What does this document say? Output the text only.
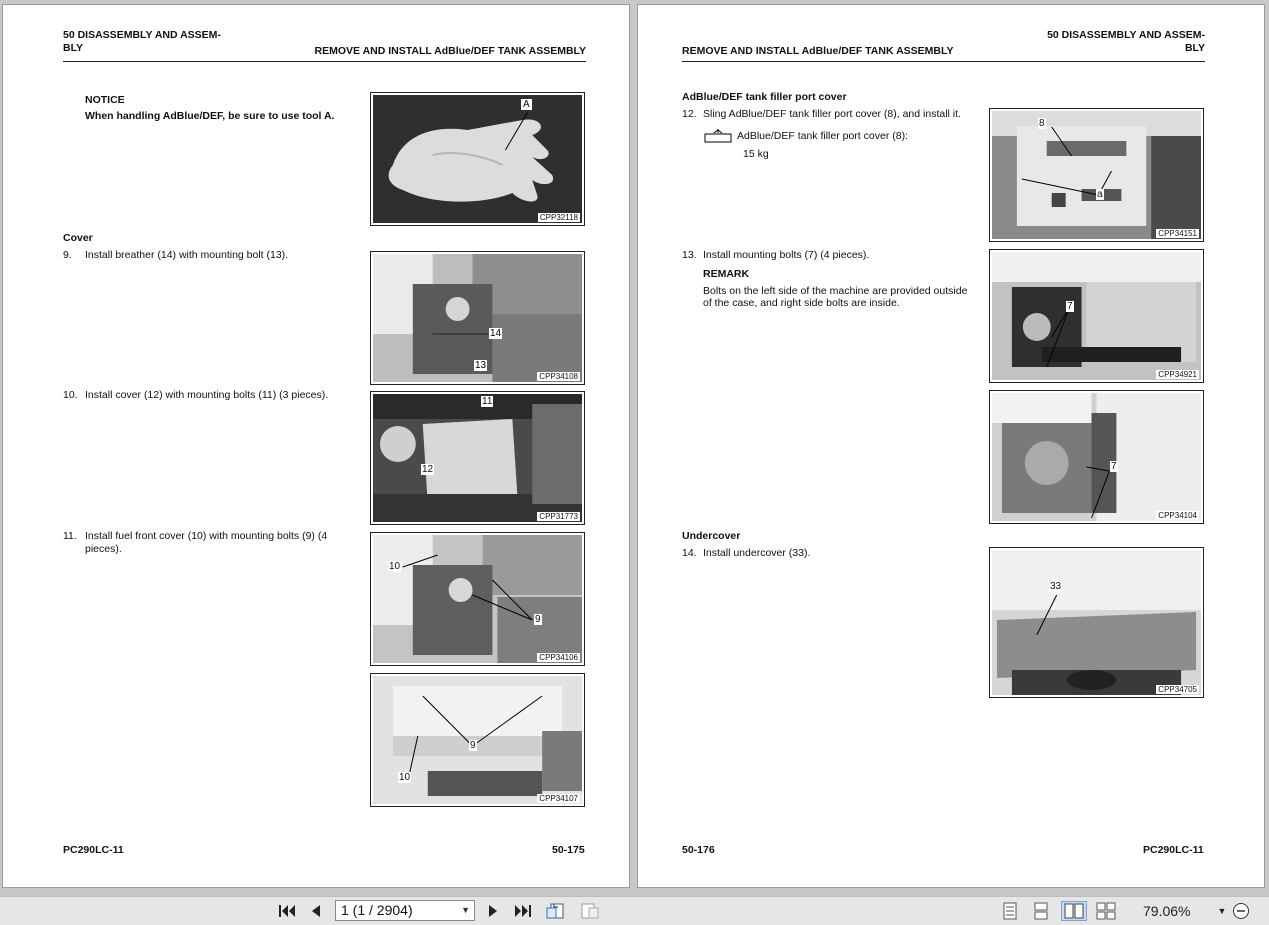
50 DISASSEMBLY AND ASSEM-
BLY	REMOVE AND INSTALL AdBlue/DEF TANK ASSEMBLY
NOTICE
When handling AdBlue/DEF, be sure to use tool A.
Cover
9. Install breather (14) with mounting bolt (13).
10. Install cover (12) with mounting bolts (11) (3 pieces).
11. Install fuel front cover (10) with mounting bolts (9) (4
pieces).
A
CPP32118
14
13
CPP34108
11
12
CPP31773
10
9
CPP34106
9
10
CPP34107
PC290LC-11	50-175
REMOVE AND INSTALL AdBlue/DEF TANK ASSEMBLY
50 DISASSEMBLY AND ASSEM-
BLY
AdBlue/DEF tank filler port cover
12. Sling AdBlue/DEF tank filler port cover (8), and install it.
AdBlue/DEF tank filler port cover (8):
15 kg
13. Install mounting bolts (7) (4 pieces).
REMARK
Bolts on the left side of the machine are provided outside
of the case, and right side bolts are inside.
Undercover
14. Install undercover (33).
8
a
CPP34151
7
CPP34921
7
CPP34104
33
CPP34705
50-176	PC290LC-11
1 (1 / 2904)	▼	79.06%	▼
